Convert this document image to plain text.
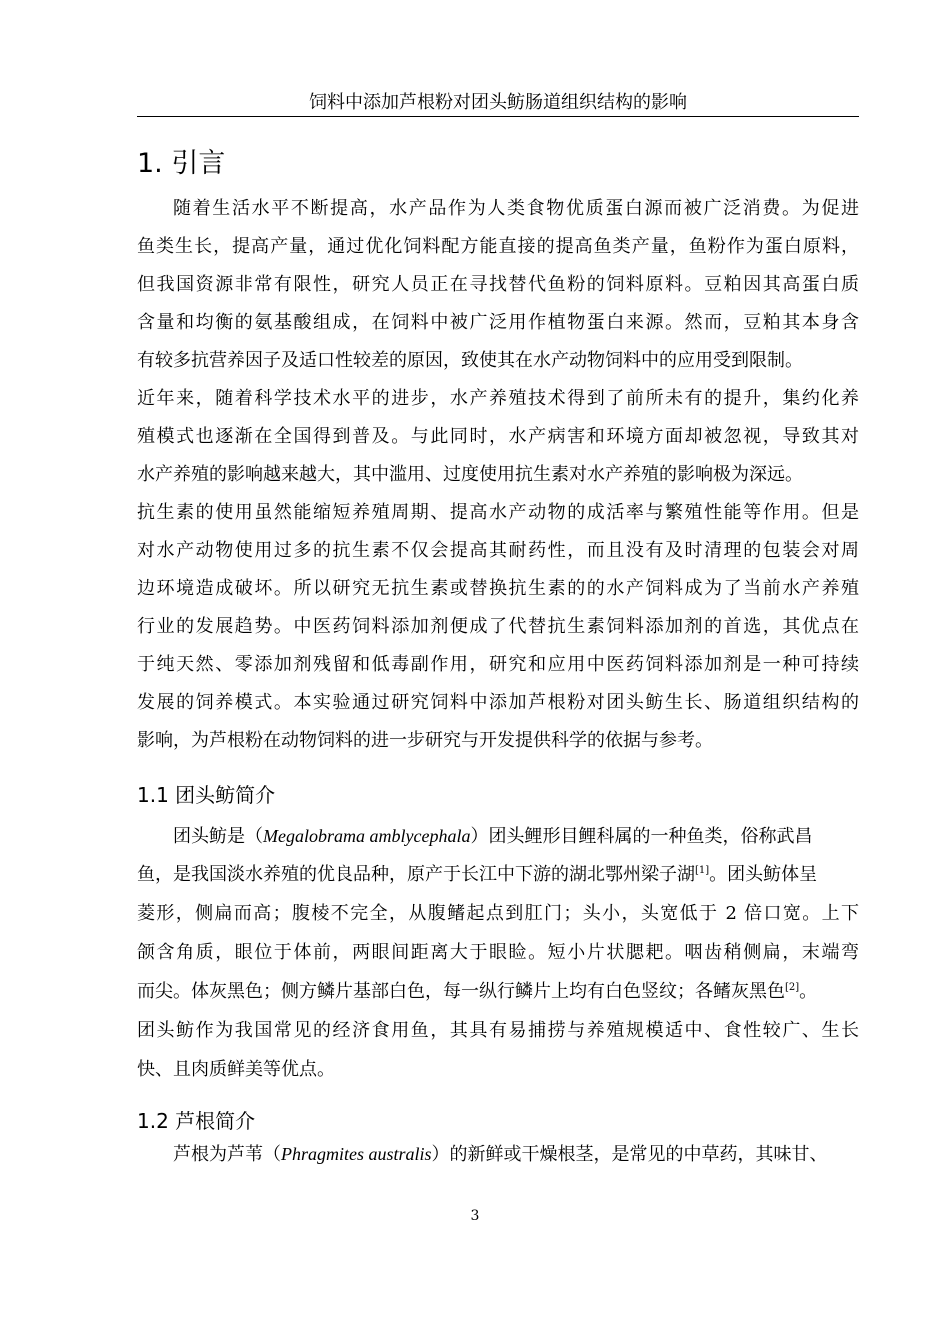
饲料中添加芦根粉对团头鲂肠道组织结构的影响
1. 引言
随着生活水平不断提高，水产品作为人类食物优质蛋白源而被广泛消费。为促进
鱼类生长，提高产量，通过优化饲料配方能直接的提高鱼类产量，鱼粉作为蛋白原料，
但我国资源非常有限性，研究人员正在寻找替代鱼粉的饲料原料。豆粕因其高蛋白质
含量和均衡的氨基酸组成，在饲料中被广泛用作植物蛋白来源。然而，豆粕其本身含
有较多抗营养因子及适口性较差的原因，致使其在水产动物饲料中的应用受到限制。
近年来，随着科学技术水平的进步，水产养殖技术得到了前所未有的提升，集约化养
殖模式也逐渐在全国得到普及。与此同时，水产病害和环境方面却被忽视，导致其对
水产养殖的影响越来越大，其中滥用、过度使用抗生素对水产养殖的影响极为深远。
抗生素的使用虽然能缩短养殖周期、提高水产动物的成活率与繁殖性能等作用。但是
对水产动物使用过多的抗生素不仅会提高其耐药性，而且没有及时清理的包装会对周
边环境造成破坏。所以研究无抗生素或替换抗生素的的水产饲料成为了当前水产养殖
行业的发展趋势。中医药饲料添加剂便成了代替抗生素饲料添加剂的首选，其优点在
于纯天然、零添加剂残留和低毒副作用，研究和应用中医药饲料添加剂是一种可持续
发展的饲养模式。本实验通过研究饲料中添加芦根粉对团头鲂生长、肠道组织结构的
影响，为芦根粉在动物饲料的进一步研究与开发提供科学的依据与参考。
1.1 团头鲂简介
团头鲂是（Megalobrama amblycephala）团头鲤形目鲤科属的一种鱼类，俗称武昌
鱼，是我国淡水养殖的优良品种，原产于长江中下游的湖北鄂州梁子湖[1]。团头鲂体呈
菱形，侧扁而高；腹棱不完全，从腹鳍起点到肛门；头小，头宽低于 2 倍口宽。上下
颌含角质，眼位于体前，两眼间距离大于眼睑。短小片状腮耙。咽齿稍侧扁，末端弯
而尖。体灰黑色；侧方鳞片基部白色，每一纵行鳞片上均有白色竖纹；各鳍灰黑色[2]。
团头鲂作为我国常见的经济食用鱼，其具有易捕捞与养殖规模适中、食性较广、生长
快、且肉质鲜美等优点。
1.2 芦根简介
芦根为芦苇（Phragmites australis）的新鲜或干燥根茎，是常见的中草药，其味甘、
3
